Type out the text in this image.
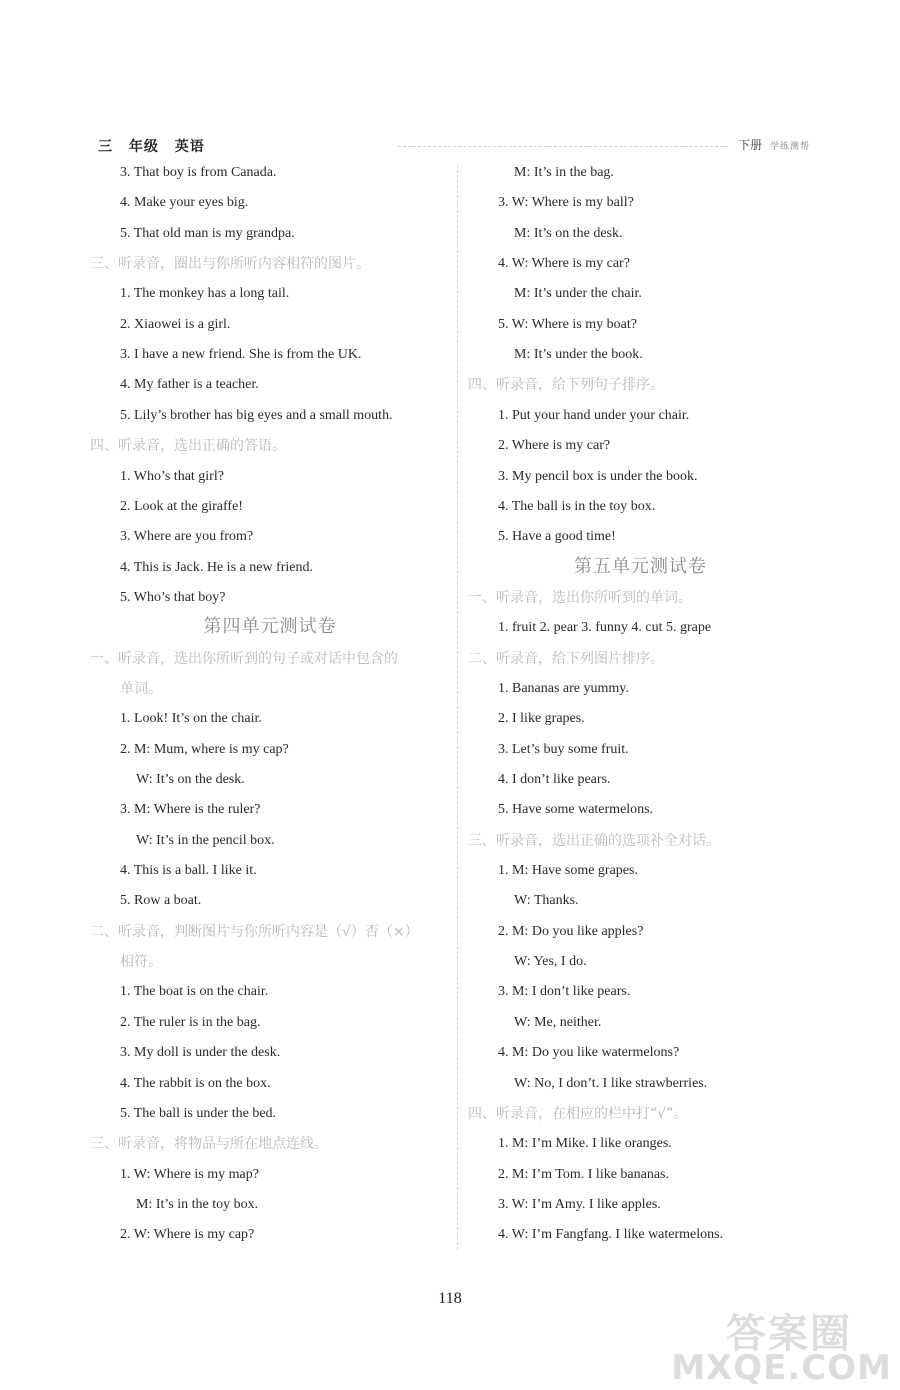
三 年级 英语	下册 学练测帮
3. That boy is from Canada.
4. Make your eyes big.
5. That old man is my grandpa.
三、听录音，圈出与你所听内容相符的图片。
1. The monkey has a long tail.
2. Xiaowei is a girl.
3. I have a new friend. She is from the UK.
4. My father is a teacher.
5. Lily’s brother has big eyes and a small mouth.
四、听录音，选出正确的答语。
1. Who’s that girl?
2. Look at the giraffe!
3. Where are you from?
4. This is Jack. He is a new friend.
5. Who’s that boy?
第四单元测试卷
一、听录音，选出你所听到的句子或对话中包含的
单词。
1. Look! It’s on the chair.
2. M: Mum, where is my cap?
W: It’s on the desk.
3. M: Where is the ruler?
W: It’s in the pencil box.
4. This is a ball. I like it.
5. Row a boat.
二、听录音，判断图片与你所听内容是（√）否（×）
相符。
1. The boat is on the chair.
2. The ruler is in the bag.
3. My doll is under the desk.
4. The rabbit is on the box.
5. The ball is under the bed.
三、听录音，将物品与所在地点连线。
1. W: Where is my map?
M: It’s in the toy box.
2. W: Where is my cap?
M: It’s in the bag.
3. W: Where is my ball?
M: It’s on the desk.
4. W: Where is my car?
M: It’s under the chair.
5. W: Where is my boat?
M: It’s under the book.
四、听录音，给下列句子排序。
1. Put your hand under your chair.
2. Where is my car?
3. My pencil box is under the book.
4. The ball is in the toy box.
5. Have a good time!
第五单元测试卷
一、听录音，选出你所听到的单词。
1. fruit 2. pear 3. funny 4. cut 5. grape
二、听录音，给下列图片排序。
1. Bananas are yummy.
2. I like grapes.
3. Let’s buy some fruit.
4. I don’t like pears.
5. Have some watermelons.
三、听录音，选出正确的选项补全对话。
1. M: Have some grapes.
W: Thanks.
2. M: Do you like apples?
W: Yes, I do.
3. M: I don’t like pears.
W: Me, neither.
4. M: Do you like watermelons?
W: No, I don’t. I like strawberries.
四、听录音，在相应的栏中打“√”。
1. M: I’m Mike. I like oranges.
2. M: I’m Tom. I like bananas.
3. W: I’m Amy. I like apples.
4. W: I’m Fangfang. I like watermelons.
118
答案圈
MXQE.COM
